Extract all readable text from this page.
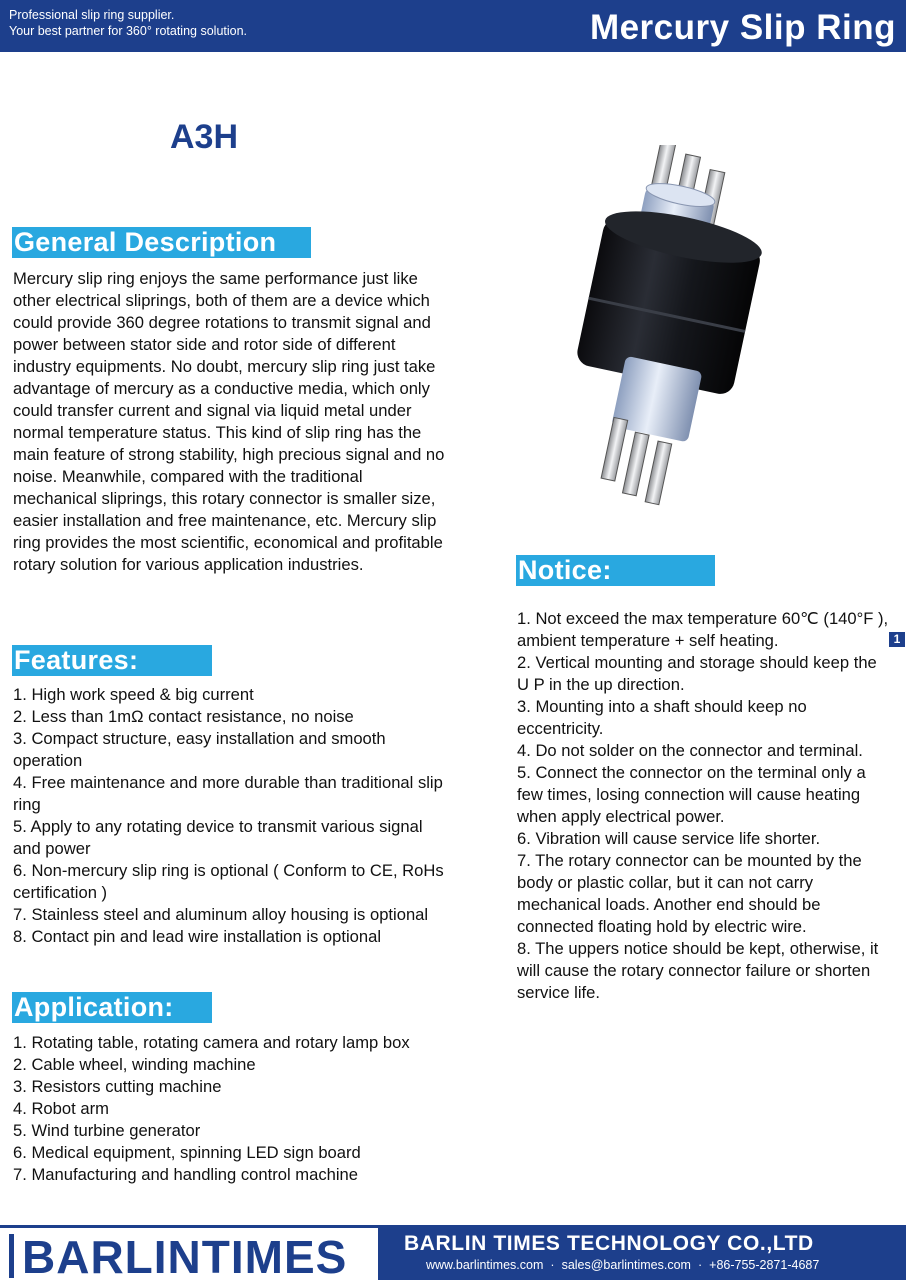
Professional slip ring supplier.
Your best partner for 360° rotating solution.	Mercury Slip Ring
A3H
General Description
Mercury slip ring enjoys the same performance just like other electrical sliprings, both of them are a device which could provide 360 degree rotations to transmit signal and power between stator side and rotor side of different industry equipments. No doubt, mercury slip ring just take advantage of mercury as a conductive media, which only could transfer current and signal via liquid metal under normal temperature status. This kind of slip ring has the main feature of strong stability, high precious signal and no noise. Meanwhile, compared with the traditional mechanical sliprings, this rotary connector is smaller size, easier installation and free maintenance, etc. Mercury slip ring provides the most scientific, economical and profitable rotary solution for various application industries.
Features:
1. High work speed & big current
2. Less than 1mΩ contact resistance, no noise
3. Compact structure, easy installation and smooth operation
4. Free maintenance and more durable than traditional slip ring
5. Apply to any rotating device to transmit various signal and power
6. Non-mercury slip ring is optional ( Conform to CE, RoHs certification )
7. Stainless steel and aluminum alloy housing is optional
8. Contact pin and lead wire installation is optional
Application:
1. Rotating table, rotating camera and rotary lamp box
2. Cable wheel, winding machine
3. Resistors cutting machine
4. Robot arm
5. Wind turbine generator
6. Medical equipment, spinning LED sign board
7. Manufacturing and handling control machine
Notice:
1. Not exceed the max temperature 60℃ (140°F ), ambient temperature + self heating.
2. Vertical mounting and storage should keep the U P in the up direction.
3. Mounting into a shaft should keep no eccentricity.
4. Do not solder on the connector and terminal.
5. Connect the connector on the terminal only a few times, losing connection will cause heating when apply electrical power.
6. Vibration will cause service life shorter.
7. The rotary connector can be mounted by the body or plastic collar, but it can not carry mechanical loads. Another end should be connected floating hold by electric wire.
8. The uppers notice should be kept, otherwise, it will cause the rotary connector failure or shorten service life.
1
BARLINTIMES	BARLIN TIMES TECHNOLOGY CO.,LTD
www.barlintimes.com · sales@barlintimes.com · +86-755-2871-4687
